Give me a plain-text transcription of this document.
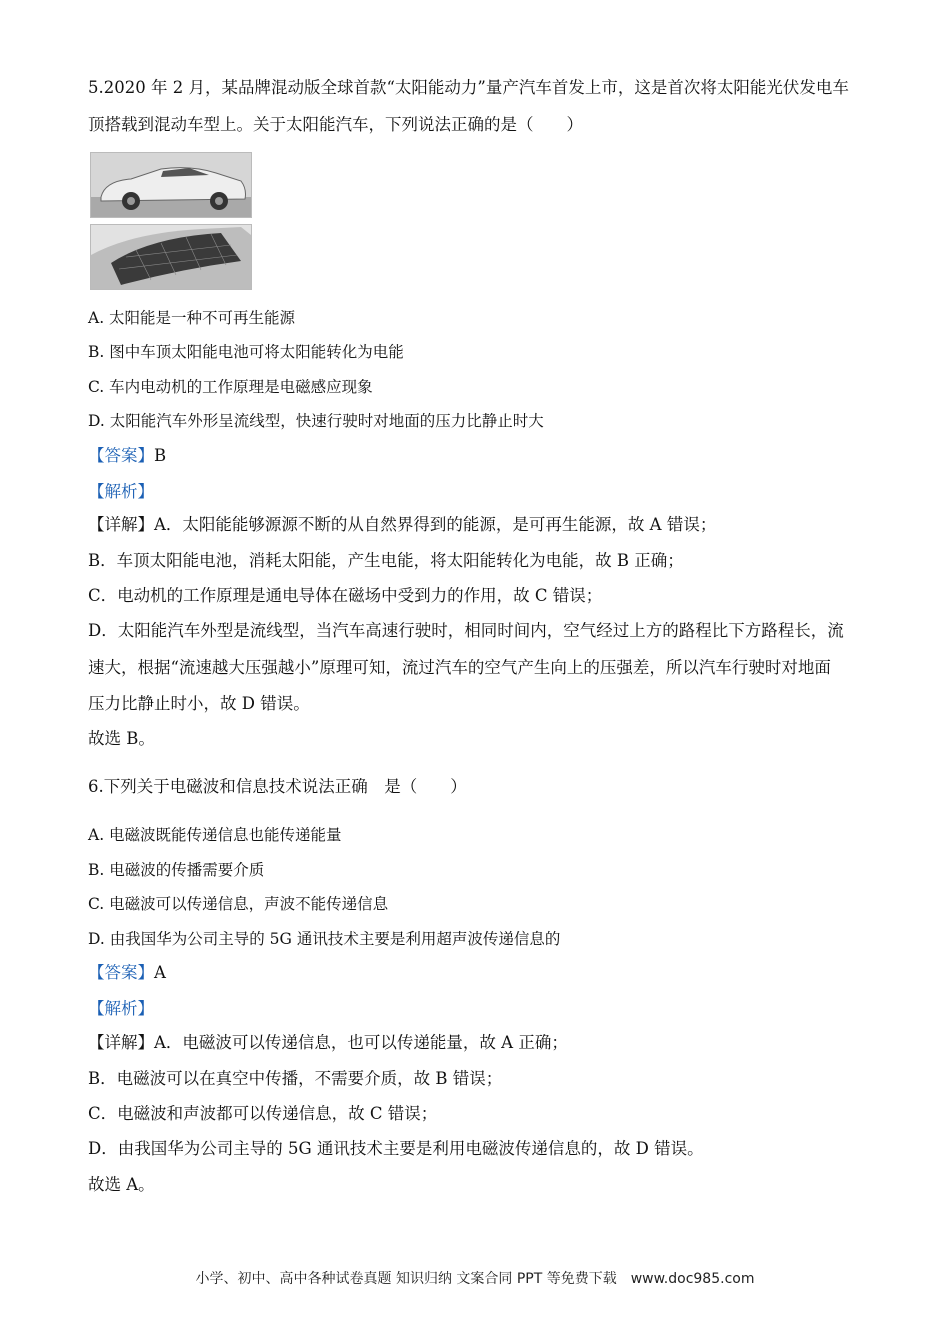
5.2020 年 2 月，某品牌混动版全球首款“太阳能动力”量产汽车首发上市，这是首次将太阳能光伏发电车
顶搭载到混动车型上。关于太阳能汽车，下列说法正确的是（　　）
A. 太阳能是一种不可再生能源
B. 图中车顶太阳能电池可将太阳能转化为电能
C. 车内电动机的工作原理是电磁感应现象
D. 太阳能汽车外形呈流线型，快速行驶时对地面的压力比静止时大
【答案】B
【解析】
【详解】A．太阳能能够源源不断的从自然界得到的能源，是可再生能源，故 A 错误；
B．车顶太阳能电池，消耗太阳能，产生电能，将太阳能转化为电能，故 B 正确；
C．电动机的工作原理是通电导体在磁场中受到力的作用，故 C 错误；
D．太阳能汽车外型是流线型，当汽车高速行驶时，相同时间内，空气经过上方的路程比下方路程长，流
速大，根据“流速越大压强越小”原理可知，流过汽车的空气产生向上的压强差，所以汽车行驶时对地面
压力比静止时小，故 D 错误。
故选 B。
6.下列关于电磁波和信息技术说法正确　是（　　）
A. 电磁波既能传递信息也能传递能量
B. 电磁波的传播需要介质
C. 电磁波可以传递信息，声波不能传递信息
D. 由我国华为公司主导的 5G 通讯技术主要是利用超声波传递信息的
【答案】A
【解析】
【详解】A．电磁波可以传递信息，也可以传递能量，故 A 正确；
B．电磁波可以在真空中传播，不需要介质，故 B 错误；
C．电磁波和声波都可以传递信息，故 C 错误；
D．由我国华为公司主导的 5G 通讯技术主要是利用电磁波传递信息的，故 D 错误。
故选 A。
小学、初中、高中各种试卷真题 知识归纳 文案合同 PPT 等免费下载　www.doc985.com
